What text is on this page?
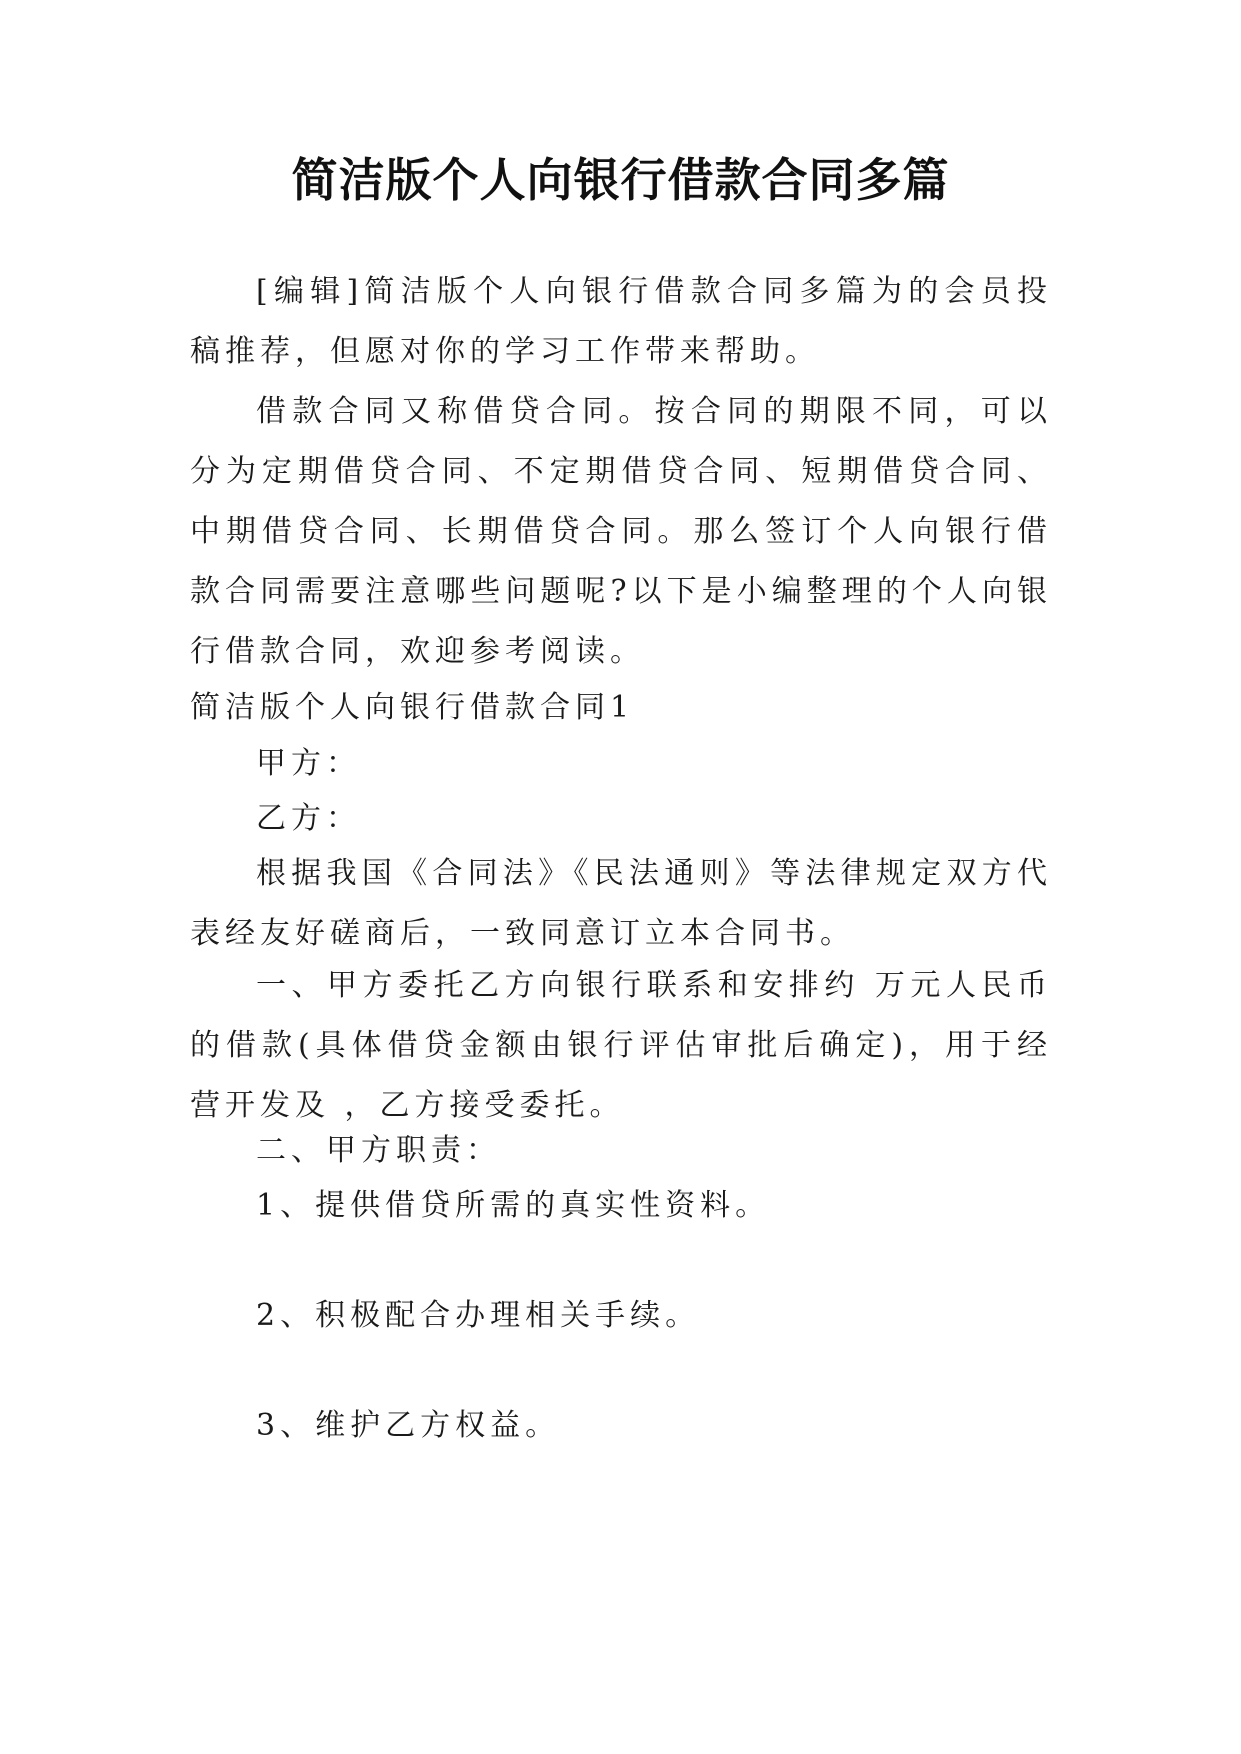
简洁版个人向银行借款合同多篇

[编辑]简洁版个人向银行借款合同多篇为的会员投稿推荐，但愿对你的学习工作带来帮助。

借款合同又称借贷合同。按合同的期限不同，可以分为定期借贷合同、不定期借贷合同、短期借贷合同、中期借贷合同、长期借贷合同。那么签订个人向银行借款合同需要注意哪些问题呢?以下是小编整理的个人向银行借款合同，欢迎参考阅读。

简洁版个人向银行借款合同1

甲方：

乙方：

根据我国《合同法》《民法通则》等法律规定双方代表经友好磋商后，一致同意订立本合同书。

一、甲方委托乙方向银行联系和安排约 万元人民币的借款(具体借贷金额由银行评估审批后确定)，用于经营开发及 ，乙方接受委托。

二、甲方职责：

1、提供借贷所需的真实性资料。

2、积极配合办理相关手续。

3、维护乙方权益。
